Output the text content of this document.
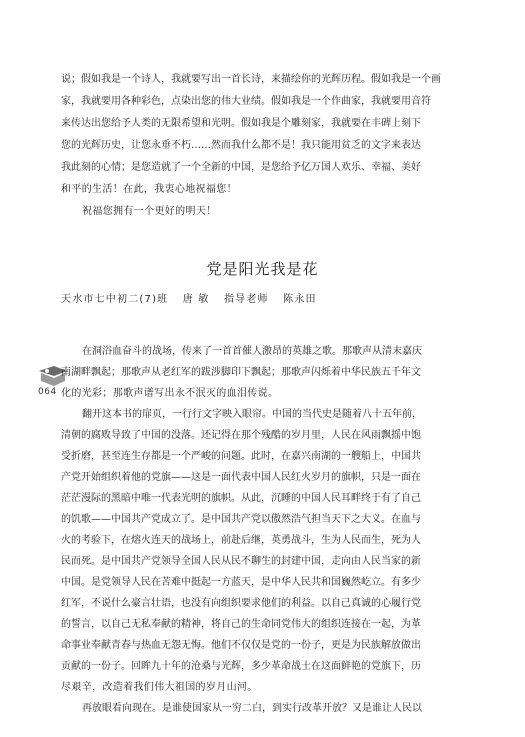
说；假如我是一个诗人，我就要写出一首长诗，来描绘你的光辉历程。假如我是一个画
家，我就要用各种彩色，点染出您的伟大业绩。假如我是一个作曲家，我就要用音符
来传达出您给予人类的无限希望和光明。假如我是个雕刻家，我就要在丰碑上刻下
您的光辉历史，让您永垂不朽……然而我什么都不是！我只能用贫乏的文字来表达
我此刻的心情；是您造就了一个全新的中国，是您给予亿万国人欢乐、幸福、美好
和平的生活！在此，我衷心地祝福您！
祝福您拥有一个更好的明天！
党是阳光我是花
天水市七中初二(7)班 唐 敏 指导老师 陈永田
064
在洞浴血奋斗的战场，传来了一首首催人激昂的英雄之歌。那歌声从清末嘉庆
南湖畔飘起；那歌声从老红军的跋涉脚印下飘起；那歌声闪烁着中华民族五千年文
化的光彩；那歌声谱写出永不泯灭的血泪传说。
翻开这本书的扉页，一行行文字映入眼帘。中国的当代史是随着八十五年前，
清朝的腐败导致了中国的没落。还记得在那个残酷的岁月里，人民在风雨飘摇中饱
受折磨，甚至连生存都是一个严峻的问题。此时，在嘉兴南湖的一艘船上，中国共
产党开始组织着他的党旗——这是一面代表中国人民红火岁月的旗帜，只是一面在
茫茫漫际的黑暗中唯一代表光明的旗帜。从此，沉睡的中国人民耳畔终于有了自己
的饥歌——中国共产党成立了。是中国共产党以傲然浩气担当天下之大义。在血与
火的考验下，在熔火连天的战场上，前赴后继，英勇战斗，生为人民而生，死为人
民而死。是中国共产党领导全国人民从民不聊生的封建中国，走向由人民当家的新
中国。是党领导人民在苦难中挺起一方蓝天，是中华人民共和国巍然屹立。有多少
红军，不说什么豪言壮语，也没有向组织要求他们的利益。以自己真诚的心履行党
的誓言，以自己无私奉献的精神，将自己的生命同党伟大的组织连接在一起，为革
命事业奉献青春与热血无怨无悔。他们不仅仅是党的一份子，更是为民族解放做出
贡献的一份子。回眸九十年的沧桑与光辉，多少革命战士在这面鲜艳的党旗下，历
尽艰辛，改造着我们伟大祖国的岁月山河。
再放眼看向现在。是谁使国家从一穷二白，到实行改革开放？又是谁让人民以
